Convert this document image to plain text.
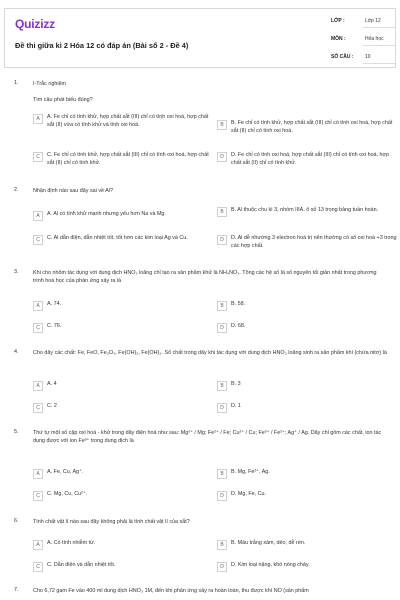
Quizizz
Đề thi giữa kì 2 Hóa 12 có đáp án (Bài số 2 - Đề 4)
LỚP :	Lớp 12
MÔN :	Hóa học
SỐ CÂU : 10
1.	I-Trắc nghiệm
Tìm câu phát biểu đúng?
A	A. Fe chỉ có tính khử, hợp chất sắt (III) chỉ có tính oxi hoá, hợp chất sắt (II) vừa có tính khử và tính oxi hoá.	B	B. Fe chỉ có tính khử, hợp chất sắt (III) chỉ có tính oxi hoá, hợp chất sắt (II) chỉ có tính oxi hoá.
C	C. Fe chỉ có tính khử, hợp chất sắt (III) chỉ có tính oxi hoá, hợp chất sắt (II) chỉ có tính khử.
D	D. Fe chỉ có tính oxi hoá, hợp chất sắt (III) chỉ có tính oxi hoá, hợp chất sắt (II) chỉ có tính khử.
2.	Nhận định nào sau đây sai về Al?
A	A. Al có tính khử mạnh nhưng yếu hơn Na và Mg.	B	B. Al thuộc chu kì 3, nhóm IIIA, ô số 13 trong bảng tuần hoàn.
C	C. Al dẫn điện, dẫn nhiệt tốt, tốt hơn các kim loại Ag và Cu.	D	D. Al dễ nhường 3 electron hoá trị nên thường có số oxi hoá +3 trong các hợp chất.
3.	Khi cho nhôm tác dụng với dung dịch HNO₃ loãng chỉ tạo ra sản phẩm khử là NH₄NO₃. Tổng các hệ số là số nguyên tối giản nhất trong phương trình hoá học của phản ứng xảy ra là
A	A. 74.	B	B. 58.
C	C. 76.	D	D. 68.
4.	Cho dãy các chất: Fe, FeO, Fe₃O₄, Fe(OH)₂, Fe(OH)₃. Số chất trong dãy khi tác dụng với dung dịch HNO₃ loãng sinh ra sản phẩm khí (chứa nitơ) là
A	A. 4	B	B. 3
C	C. 2	D	D. 1
5.	Thứ tự một số cặp oxi hoá - khử trong dãy điện hoá như sau: Mg²⁺ / Mg; Fe²⁺ / Fe; Cu²⁺ / Cu; Fe³⁺ / Fe²⁺; Ag⁺ / Ag. Dãy chỉ gồm các chất, ion tác dụng được với ion Fe³⁺ trong dung dịch là
A	A. Fe, Cu, Ag⁺.	B	B. Mg, Fe²⁺, Ag.
C	C. Mg, Cu, Cu²⁺.	D	D. Mg, Fe, Cu.
6.	Tính chất vật lí nào sau đây không phải là tính chất vật lí của sắt?
A	A. Có tính nhiễm từ.	B	B. Màu trắng xám, dẻo, dễ rèn.
C	C. Dẫn điện và dẫn nhiệt tốt.	D	D. Kim loại nặng, khó nóng chảy.
7.	Cho 6,72 gam Fe vào 400 ml dung dịch HNO₃ 1M, đến khi phản ứng xảy ra hoàn toàn, thu được khí NO (sản phẩm
